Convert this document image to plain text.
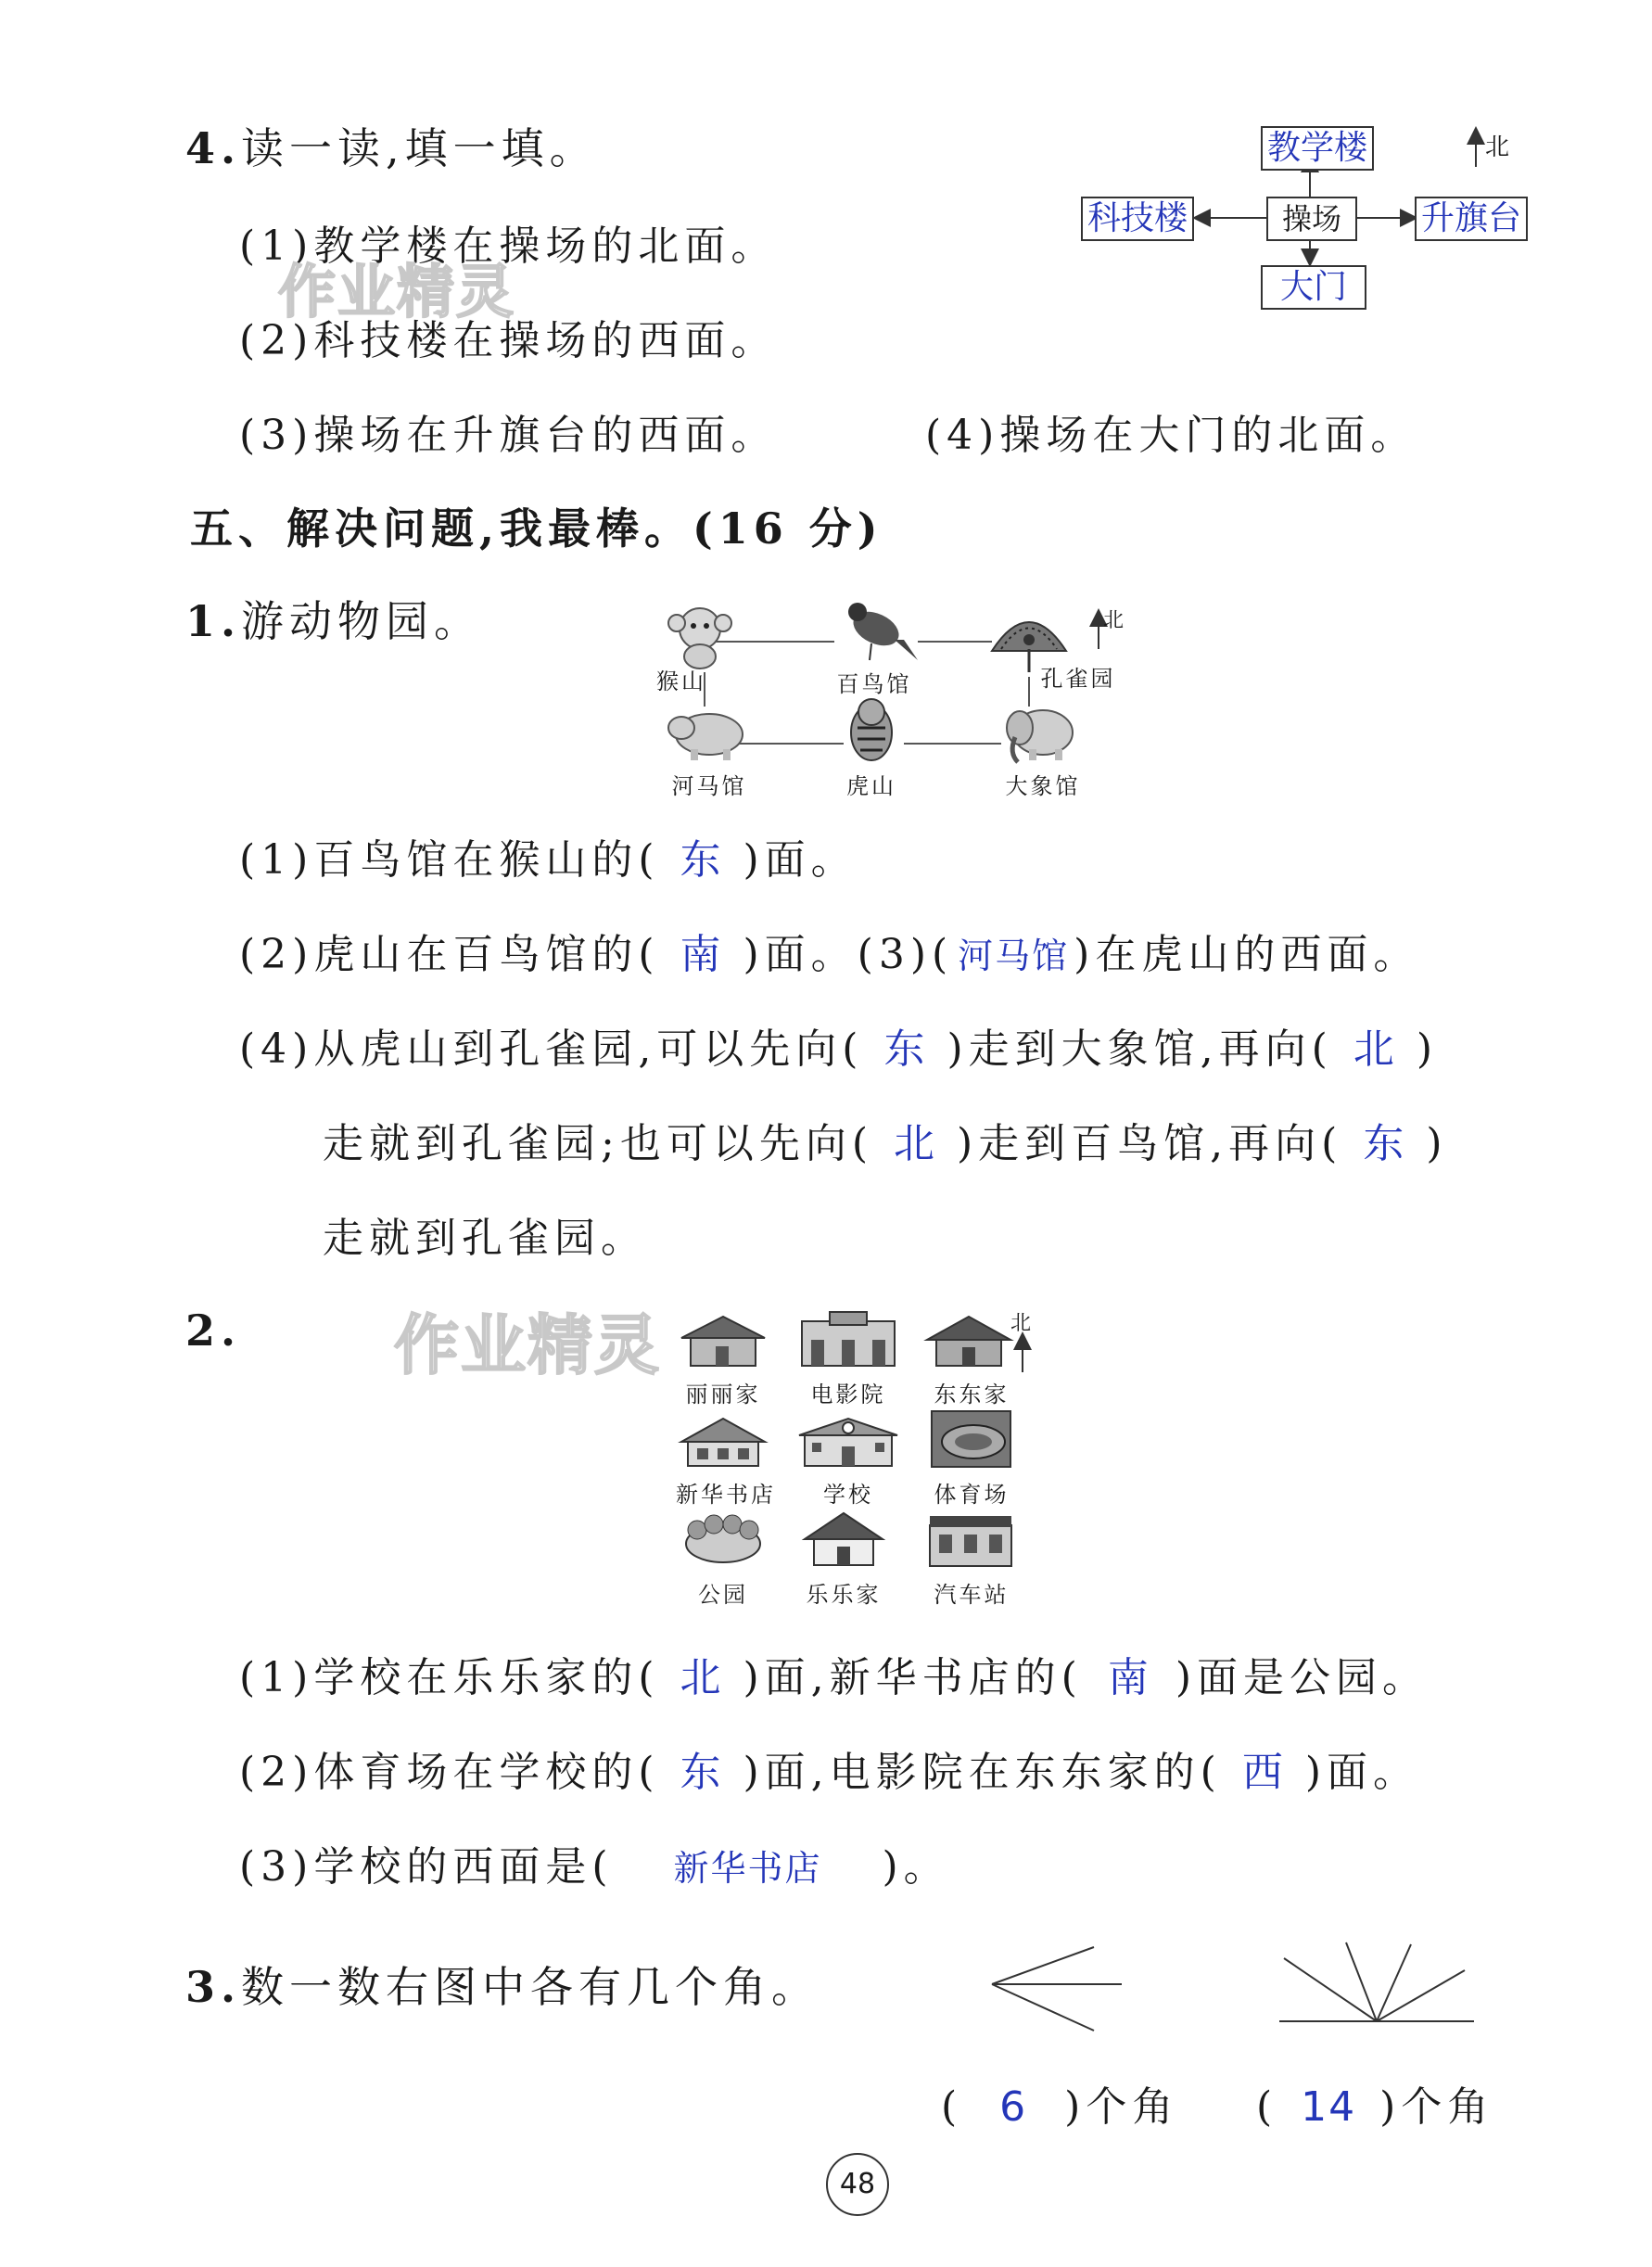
4.读一读,填一填。
(1)教学楼在操场的北面。
(2)科技楼在操场的西面。
(3)操场在升旗台的西面。	(4)操场在大门的北面。
作业精灵
教学楼
操场
科技楼	升旗台
大门
北
五、解决问题,我最棒。(16 分)
1.游动物园。	北
猴山	百鸟馆	孔雀园
河马馆	虎山	大象馆
(1)百鸟馆在猴山的( 东 )面。
(2)虎山在百鸟馆的( 南 )面。(3)( 河马馆 )在虎山的西面。
(4)从虎山到孔雀园,可以先向( 东 )走到大象馆,再向( 北 )
走就到孔雀园;也可以先向( 北 )走到百鸟馆,再向( 东 )
走就到孔雀园。
2. 作业精灵	北
丽丽家	电影院	东东家
新华书店	学校	体育场
公园	乐乐家	汽车站
(1)学校在乐乐家的( 北 )面,新华书店的( 南 )面是公园。
(2)体育场在学校的( 东 )面,电影院在东东家的( 西 )面。
(3)学校的西面是( 新华书店 )。
3.数一数右图中各有几个角。
( 6 )个角 ( 14 )个角
48
